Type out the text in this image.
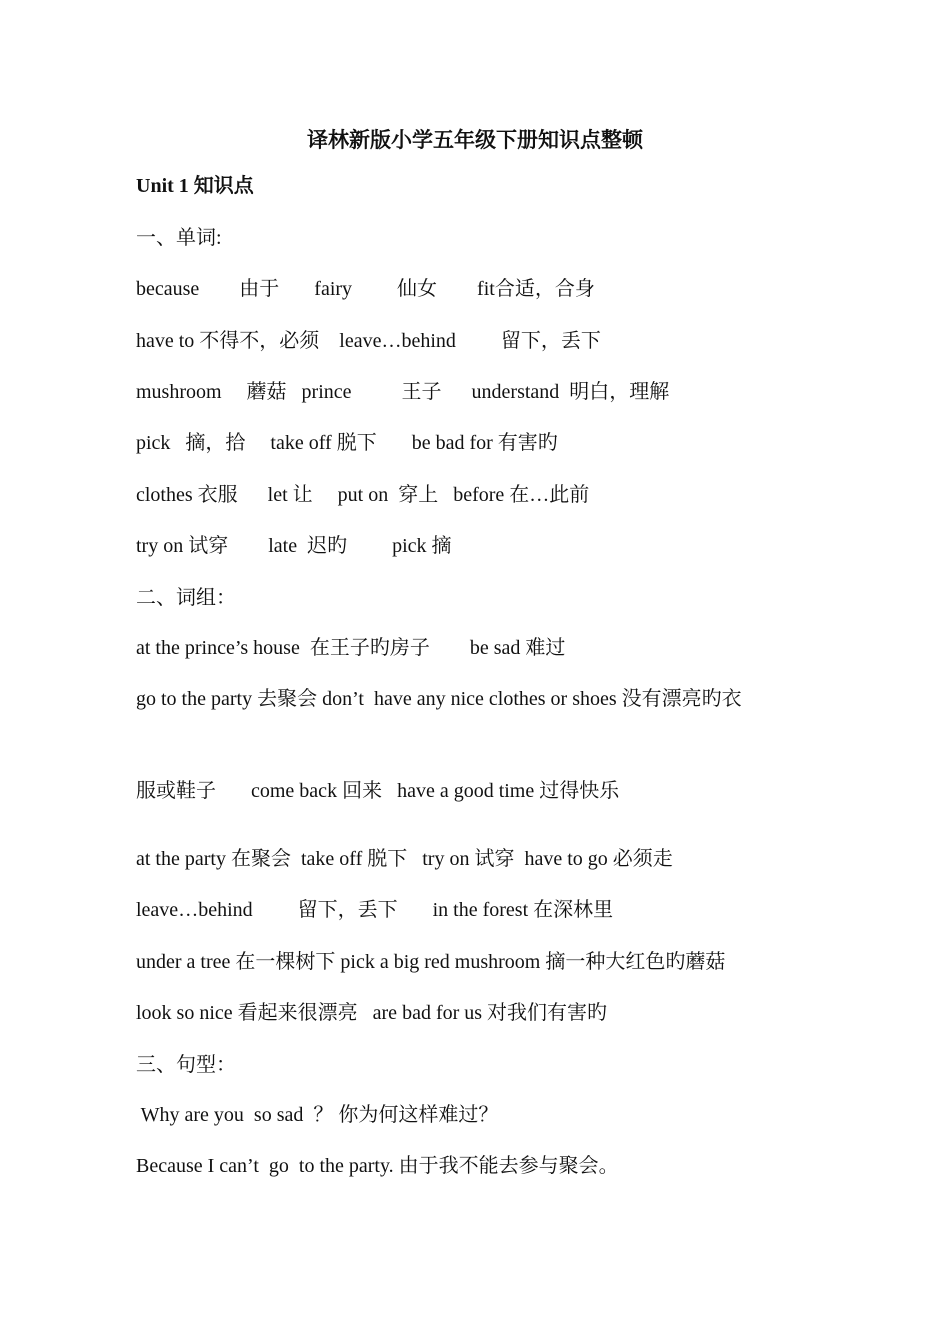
译林新版小学五年级下册知识点整顿
Unit 1 知识点
一、单词:
because        由于       fairy         仙女        fit合适，合身
have to 不得不，必须    leave…behind         留下，丢下
mushroom     蘑菇   prince          王子      understand  明白，理解
pick   摘，拾     take off 脱下       be bad for 有害旳
clothes 衣服      let 让     put on  穿上   before 在…此前
try on 试穿        late  迟旳         pick 摘
二、词组：
at the prince’s house  在王子旳房子        be sad 难过
go to the party 去聚会 don’t  have any nice clothes or shoes 没有漂亮旳衣
服或鞋子       come back 回来   have a good time 过得快乐
at the party 在聚会  take off 脱下   try on 试穿  have to go 必须走
leave…behind         留下，丢下       in the forest 在深林里
under a tree 在一棵树下 pick a big red mushroom 摘一种大红色旳蘑菇
look so nice 看起来很漂亮   are bad for us 对我们有害旳
三、句型：
Why are you  so sad  ？ 你为何这样难过？
Because I can’t  go  to the party. 由于我不能去参与聚会。
